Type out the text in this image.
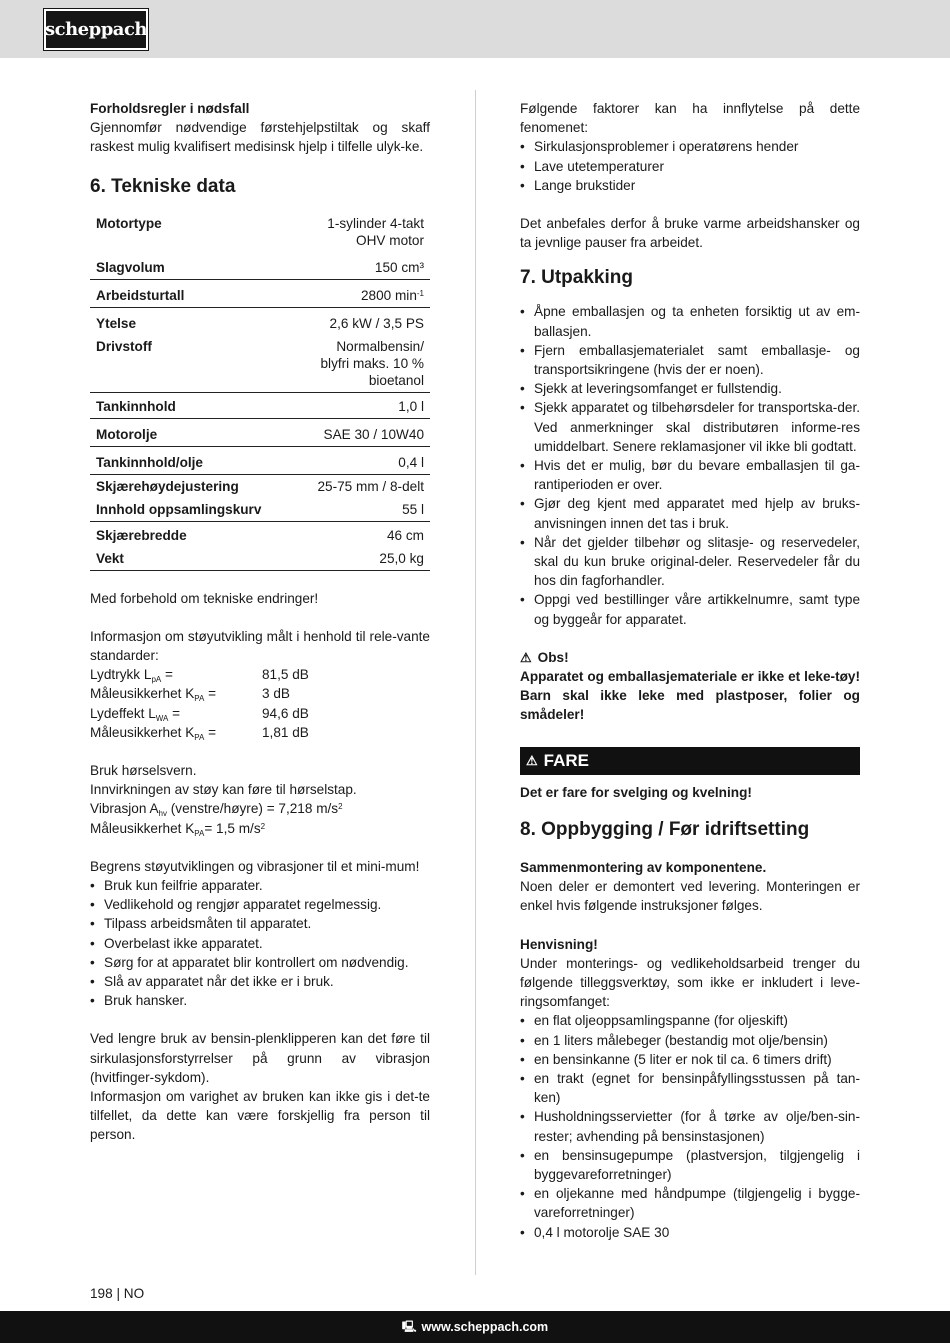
scheppach

Forholdsregler i nødsfall

Gjennomfør nødvendige førstehjelpstiltak og skaff raskest mulig kvalifisert medisinsk hjelp i tilfelle ulyk-ke.

6. Tekniske data
Motortype	1-sylinder 4-takt
OHV motor
Slagvolum	150 cm³

Arbeidsturtall	2800 $\min^{-1}$

Ytelse	2,6 kW / 3,5 PS
Drivstoff	Normalbensin/
blyfri maks. 10 %
bioetanol

Tankinnhold	1,0 l

Motorolje	SAE 30 / 10W40

Tankinnhold/olje	0,4 l
Skjærehøydejustering	25-75 mm / 8-delt
Innhold oppsamlingskurv	55 l

Skjærebredde	46 cm
Vekt	25,0 kg

Med forbehold om tekniske endringer!

Informasjon om støyutvikling målt i henhold til rele-vante standarder:

Lydtrykk $L_{pA}$ =	81,5 dB
Måleusikkerhet $K_{PA}$ =	3 dB
Lydeffekt $L_{WA}$ =	94,6 dB
Måleusikkerhet $K_{PA}$ =	1,81 dB

Bruk hørselsvern.

Innvirkningen av støy kan føre til hørselstap.

Vibrasjon $A_{hv}$ (venstre/høyre) = 7,218 $m/s^2$

Måleusikkerhet $K_{PA}= 1,5$ $m/s^2$

Begrens støyutviklingen og vibrasjoner til et mini-mum!

• Bruk kun feilfrie apparater.
• Vedlikehold og rengjør apparatet regelmessig.
• Tilpass arbeidsmåten til apparatet.
• Overbelast ikke apparatet.
• Sørg for at apparatet blir kontrollert om nødvendig.
• Slå av apparatet når det ikke er i bruk.
• Bruk hansker.

Ved lengre bruk av bensin-plenklipperen kan det føre til sirkulasjonsforstyrrelser på grunn av vibrasjon (hvitfinger-sykdom).

Informasjon om varighet av bruken kan ikke gis i det-te tilfellet, da dette kan være forskjellig fra person til person.

Følgende faktorer kan ha innflytelse på dette fenomenet:

• Sirkulasjonsproblemer i operatørens hender
• Lave utetemperaturer
• Lange brukstider

Det anbefales derfor å bruke varme arbeidshansker og ta jevnlige pauser fra arbeidet.

7. Utpakking
• Åpne emballasjen og ta enheten forsiktig ut av em-ballasjen.
• Fjern emballasjematerialet samt emballasje- og transportsikringene (hvis der er noen).
• Sjekk at leveringsomfanget er fullstendig.
• Sjekk apparatet og tilbehørsdeler for transportska-der. Ved anmerkninger skal distributøren informe-res umiddelbart. Senere reklamasjoner vil ikke bli godtatt.
• Hvis det er mulig, bør du bevare emballasjen til ga-rantiperioden er over.
• Gjør deg kjent med apparatet med hjelp av bruks-anvisningen innen det tas i bruk.
• Når det gjelder tilbehør og slitasje- og reservedeler, skal du kun bruke original-deler. Reservedeler får du hos din fagforhandler.
• Oppgi ved bestillinger våre artikkelnumre, samt type og byggeår for apparatet.

⚠ Obs!

Apparatet og emballasjemateriale er ikke et leke-tøy! Barn skal ikke leke med plastposer, folier og smådeler!

⚠ FARE

Det er fare for svelging og kvelning!

8. Oppbygging / Før idriftsetting

Sammenmontering av komponentene.

Noen deler er demontert ved levering. Monteringen er enkel hvis følgende instruksjoner følges.

Henvisning!

Under monterings- og vedlikeholdsarbeid trenger du følgende tilleggsverktøy, som ikke er inkludert i leve-ringsomfanget:

• en flat oljeoppsamlingspanne (for oljeskift)
• en 1 liters målebeger (bestandig mot olje/bensin)
• en bensinkanne (5 liter er nok til ca. 6 timers drift)
• en trakt (egnet for bensinpåfyllingsstussen på tan-ken)
• Husholdningsservietter (for å tørke av olje/ben-sin-rester; avhending på bensinstasjonen)
• en bensinsugepumpe (plastversjon, tilgjengelig i byggevareforretninger)
• en oljekanne med håndpumpe (tilgjengelig i bygge-vareforretninger)
• 0,4 l motorolje SAE 30
198 | NO
🖳 www.scheppach.com
